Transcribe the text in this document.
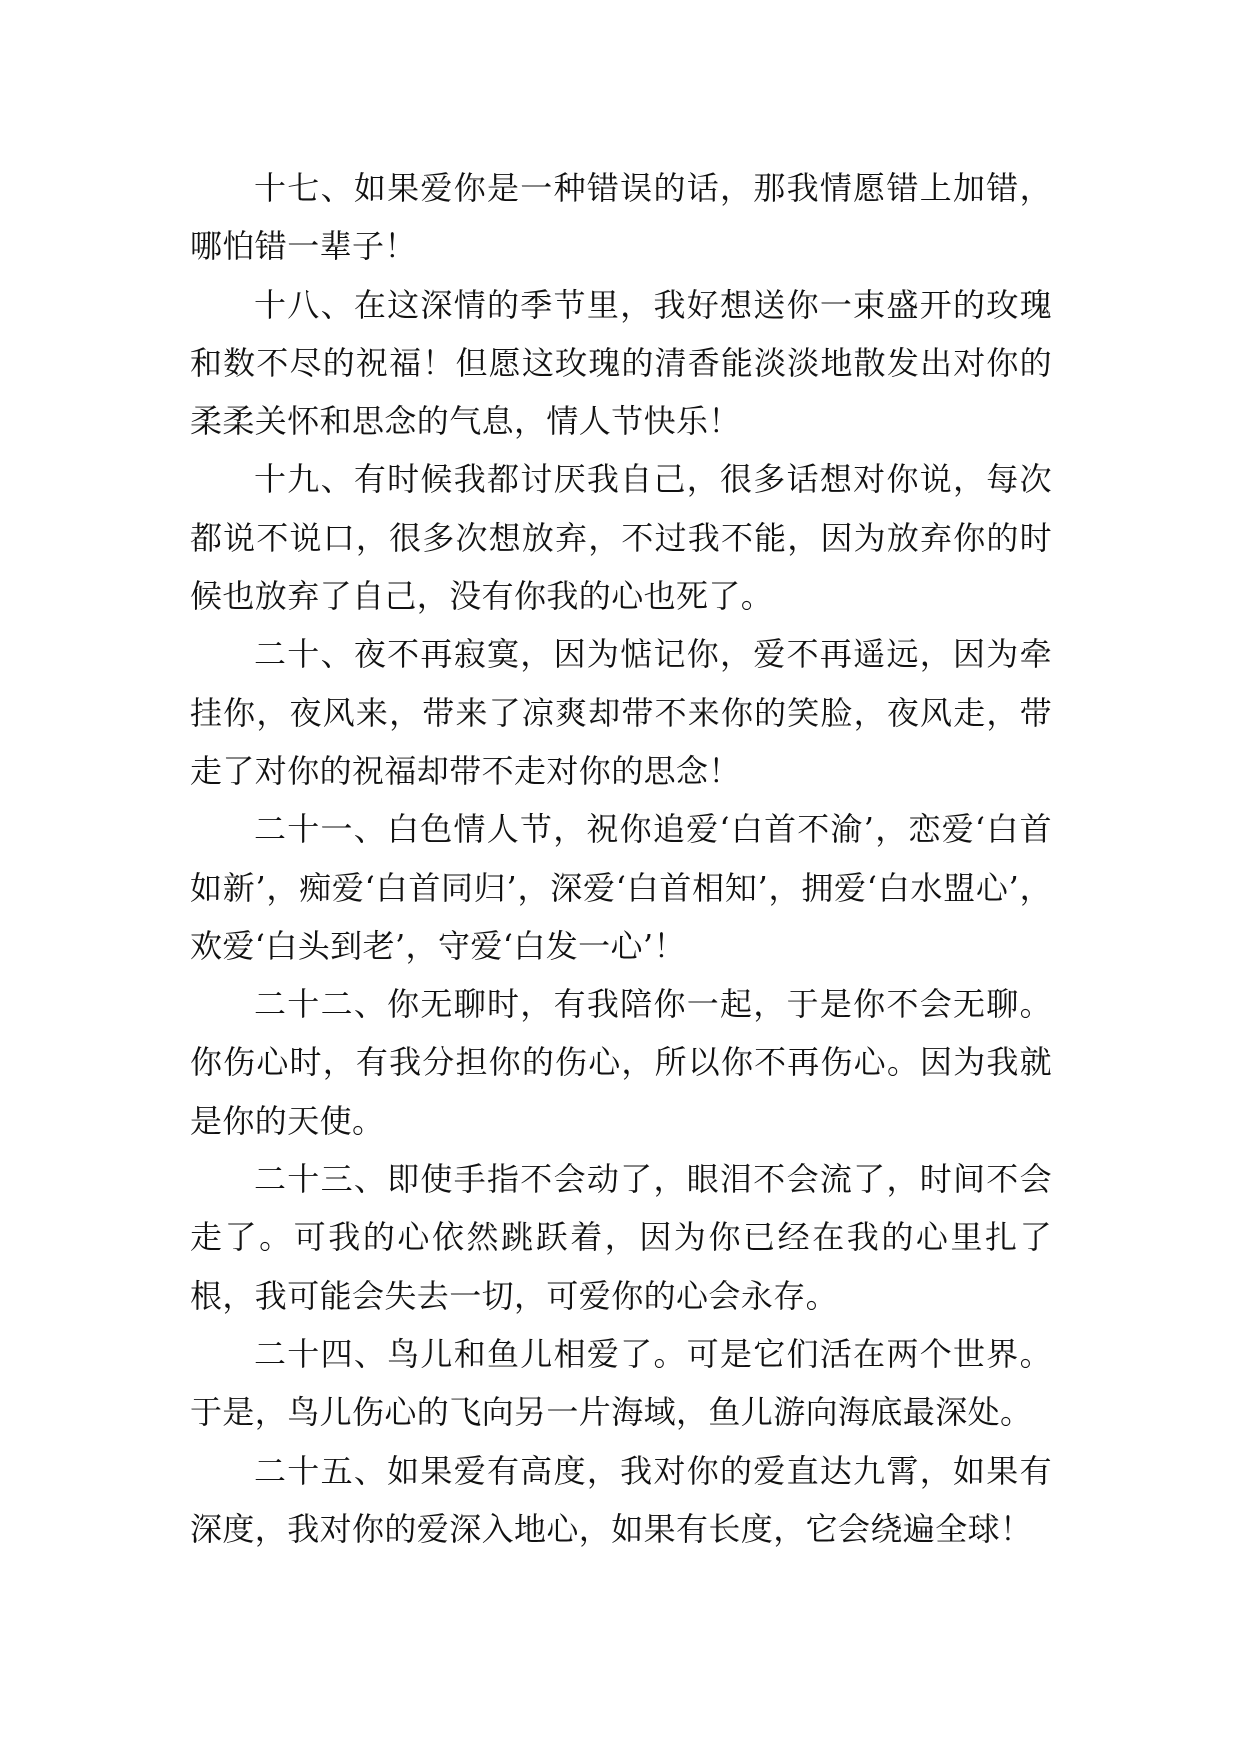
十七、如果爱你是一种错误的话，那我情愿错上加错，哪怕错一辈子！

十八、在这深情的季节里，我好想送你一束盛开的玫瑰和数不尽的祝福！但愿这玫瑰的清香能淡淡地散发出对你的柔柔关怀和思念的气息，情人节快乐！

十九、有时候我都讨厌我自己，很多话想对你说，每次都说不说口，很多次想放弃，不过我不能，因为放弃你的时候也放弃了自己，没有你我的心也死了。

二十、夜不再寂寞，因为惦记你，爱不再遥远，因为牵挂你，夜风来，带来了凉爽却带不来你的笑脸，夜风走，带走了对你的祝福却带不走对你的思念！

二十一、白色情人节，祝你追爱‘白首不渝’，恋爱‘白首如新’，痴爱‘白首同归’，深爱‘白首相知’，拥爱‘白水盟心’，欢爱‘白头到老’，守爱‘白发一心’！

二十二、你无聊时，有我陪你一起，于是你不会无聊。你伤心时，有我分担你的伤心，所以你不再伤心。因为我就是你的天使。

二十三、即使手指不会动了，眼泪不会流了，时间不会走了。可我的心依然跳跃着，因为你已经在我的心里扎了根，我可能会失去一切，可爱你的心会永存。

二十四、鸟儿和鱼儿相爱了。可是它们活在两个世界。于是，鸟儿伤心的飞向另一片海域，鱼儿游向海底最深处。

二十五、如果爱有高度，我对你的爱直达九霄，如果有深度，我对你的爱深入地心，如果有长度，它会绕遍全球！
